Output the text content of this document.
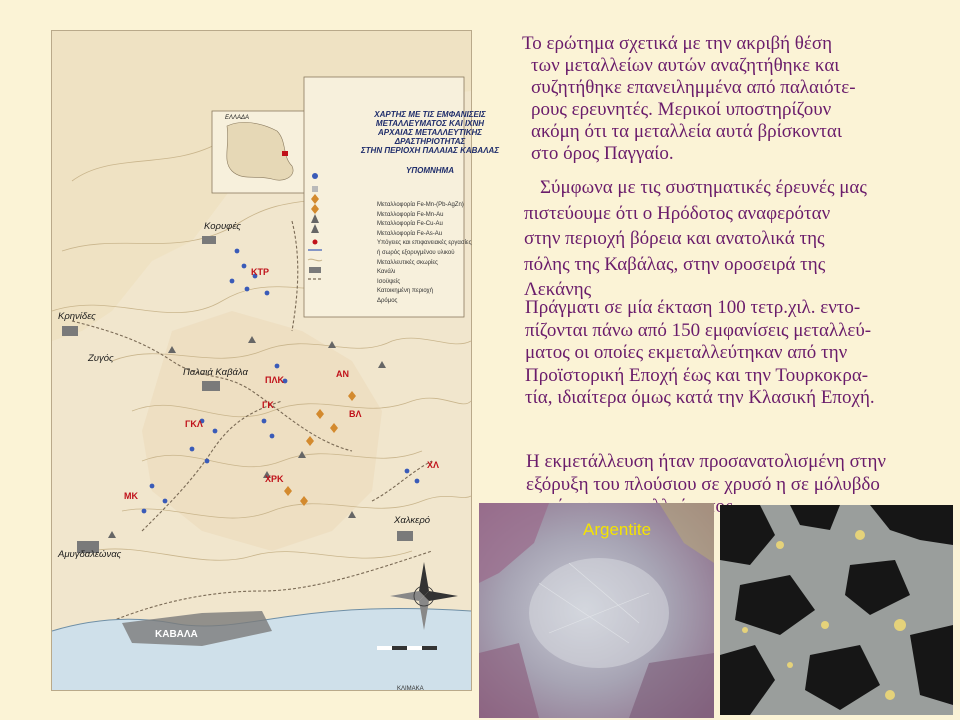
ΧΑΡΤΗΣ ΜΕ ΤΙΣ ΕΜΦΑΝΙΣΕΙΣ
ΜΕΤΑΛΛΕΥΜΑΤΟΣ ΚΑΙ ΙΧΝΗ
ΑΡΧΑΙΑΣ ΜΕΤΑΛΛΕΥΤΙΚΗΣ
ΔΡΑΣΤΗΡΙΟΤΗΤΑΣ
ΣΤΗΝ ΠΕΡΙΟΧΗ ΠΑΛΑΙΑΣ ΚΑΒΑΛΑΣ
ΥΠΟΜΝΗΜΑ
Μεταλλοφορία Fe-Mn-(Pb-AgZn)
Μεταλλοφορία Fe-Mn-Au
Μεταλλοφορία Fe-Cu-Au
Μεταλλοφορία Fe-As-Au
Υπόγειες και επιφανειακές εργασίες
ή σωρός εξορυγμένου υλικού
Μεταλλευτικές σκωρίες
Κανάλι
Ισοϋψείς
Κατοικημένη περιοχή
Δρόμος
ΕΛΛΑΔΑ
Κορυφές
Κρηνίδες
Ζυγός
Παλαιά Καβάλα
Χαλκερό
Αμυγδαλεώνας
ΚΑΒΑΛΑ
ΚΤΡ
ΠΛΚ
ΑΝ
ΓΚ
ΒΛ
ΓΚΛ
ΧΡΚ
ΧΛ
ΜΚ
ΚΛΙΜΑΚΑ

Το ερώτημα σχετικά με την ακριβή θέση
των μεταλλείων αυτών αναζητήθηκε και
συζητήθηκε επανειλημμένα από παλαιότε-
ρους ερευνητές. Μερικοί υποστηρίζουν
ακόμη ότι τα μεταλλεία αυτά βρίσκονται
στο όρος Παγγαίο.

Σύμφωνα με τις συστηματικές έρευνές μας
πιστεύουμε ότι ο Ηρόδοτος αναφερόταν
στην περιοχή βόρεια και ανατολικά της
πόλης της Καβάλας, στην οροσειρά της
Λεκάνης

Πράγματι σε μία έκταση 100 τετρ.χιλ. εντο-
πίζονται πάνω από 150 εμφανίσεις μεταλλεύ-
ματος οι οποίες εκμεταλλεύτηκαν από την
Προϊστορική Εποχή έως και την Τουρκοκρα-
τία, ιδιαίτερα όμως κατά την Κλασική Εποχή.

Η εκμετάλλευση ήταν προσανατολισμένη στην
εξόρυξη του πλούσιου σε χρυσό η σε μόλυβδο

Argentite
